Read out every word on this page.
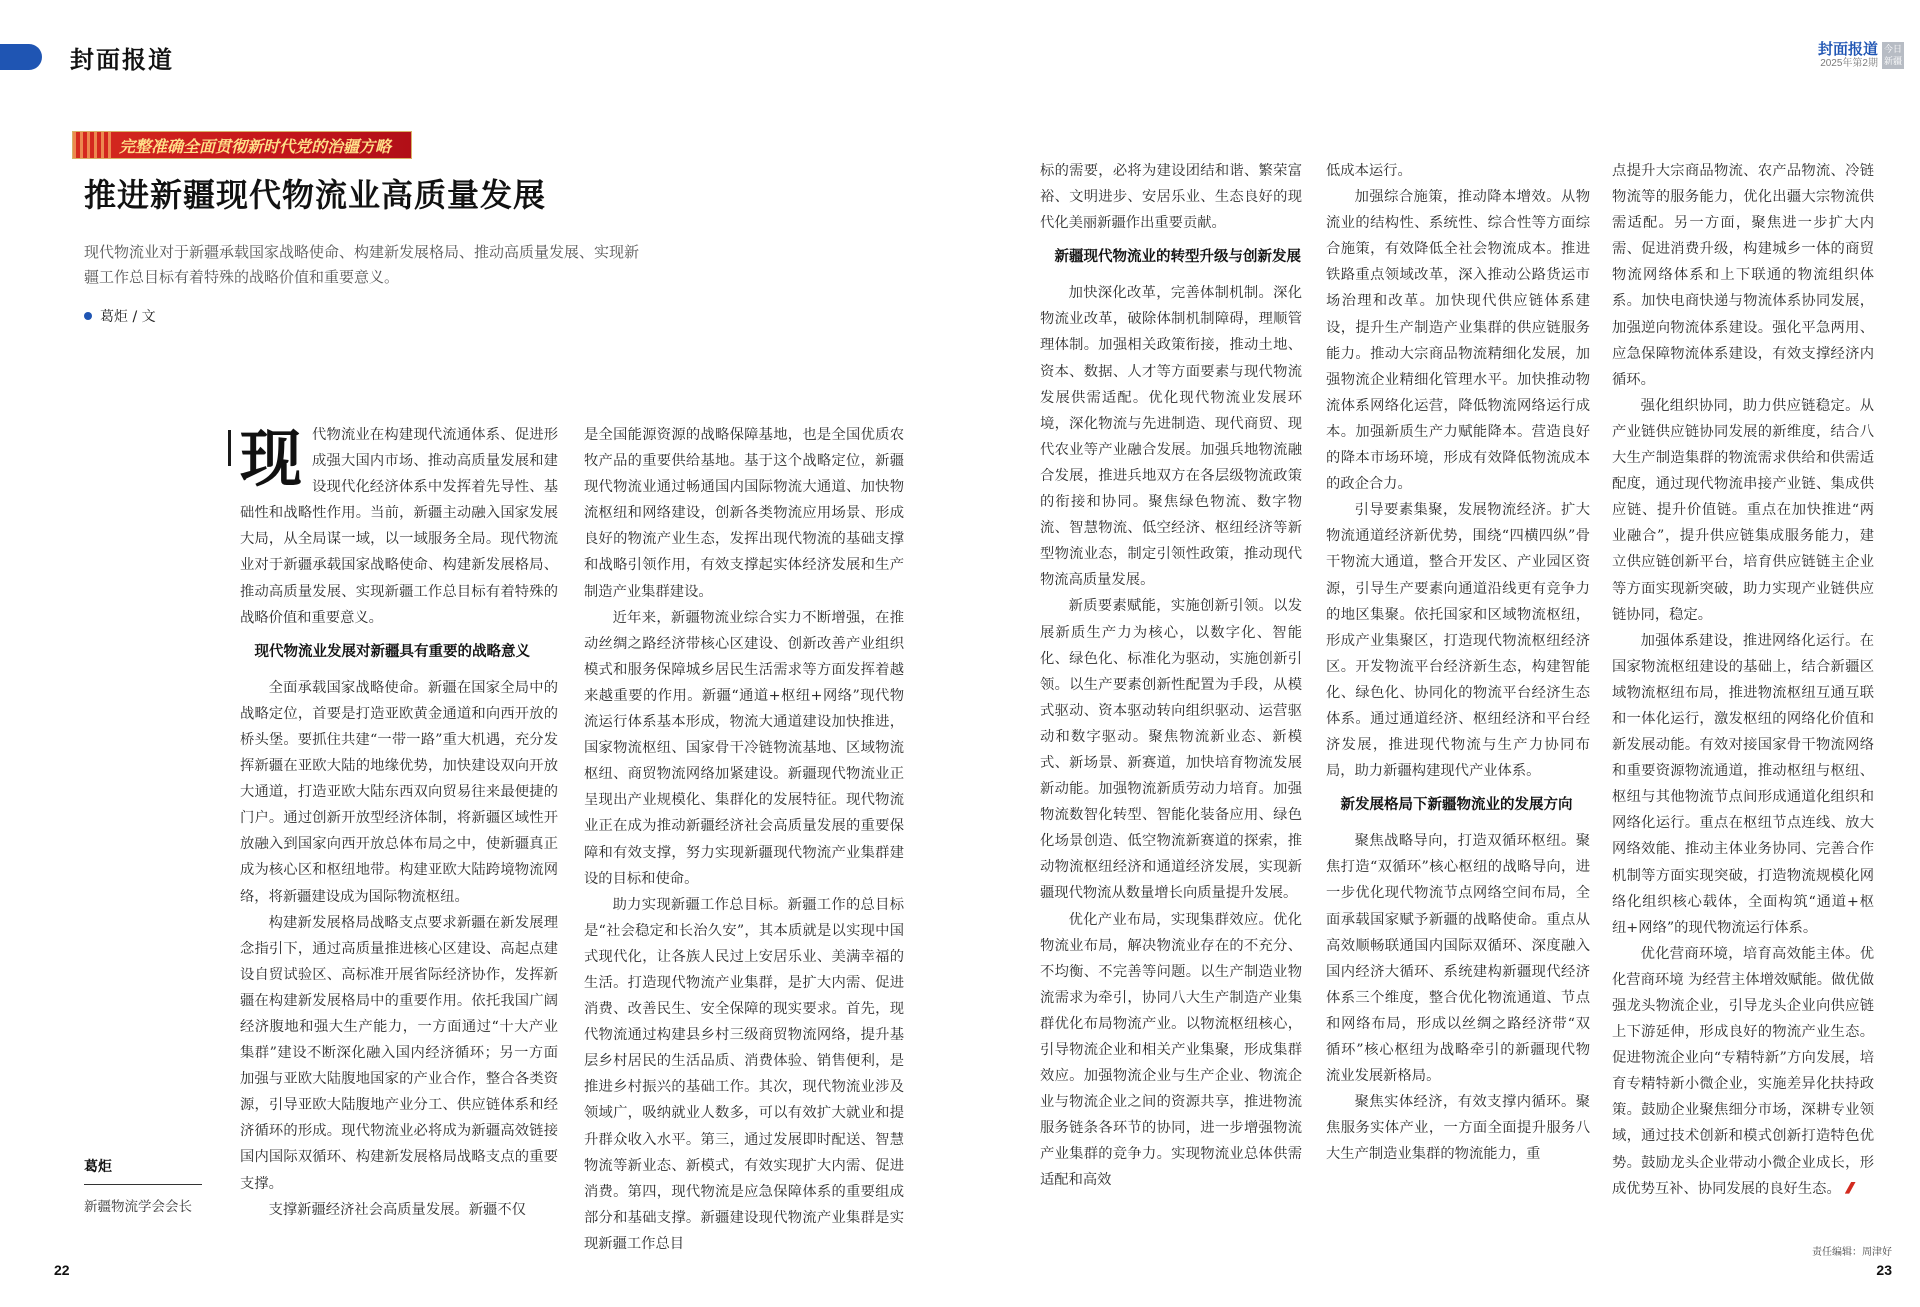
封面报道
完整准确全面贯彻新时代党的治疆方略
推进新疆现代物流业高质量发展
现代物流业对于新疆承载国家战略使命、构建新发展格局、推动高质量发展、实现新疆工作总目标有着特殊的战略价值和重要意义。
葛炬 / 文
现 代物流业在构建现代流通体系、促进形成强大国内市场、推动高质量发展和建设现代化经济体系中发挥着先导性、基础性和战略性作用。当前，新疆主动融入国家发展大局，从全局谋一域，以一域服务全局。现代物流业对于新疆承载国家战略使命、构建新发展格局、推动高质量发展、实现新疆工作总目标有着特殊的战略价值和重要意义。

现代物流业发展对新疆具有重要的战略意义

全面承载国家战略使命。新疆在国家全局中的战略定位，首要是打造亚欧黄金通道和向西开放的桥头堡。要抓住共建“一带一路”重大机遇，充分发挥新疆在亚欧大陆的地缘优势，加快建设双向开放大通道，打造亚欧大陆东西双向贸易往来最便捷的门户。通过创新开放型经济体制，将新疆区域性开放融入到国家向西开放总体布局之中，使新疆真正成为核心区和枢纽地带。构建亚欧大陆跨境物流网络，将新疆建设成为国际物流枢纽。

构建新发展格局战略支点要求新疆在新发展理念指引下，通过高质量推进核心区建设、高起点建设自贸试验区、高标准开展省际经济协作，发挥新疆在构建新发展格局中的重要作用。依托我国广阔经济腹地和强大生产能力，一方面通过“十大产业集群”建设不断深化融入国内经济循环；另一方面加强与亚欧大陆腹地国家的产业合作，整合各类资源，引导亚欧大陆腹地产业分工、供应链体系和经济循环的形成。现代物流业必将成为新疆高效链接国内国际双循环、构建新发展格局战略支点的重要支撑。

支撑新疆经济社会高质量发展。新疆不仅

是全国能源资源的战略保障基地，也是全国优质农牧产品的重要供给基地。基于这个战略定位，新疆现代物流业通过畅通国内国际物流大通道、加快物流枢纽和网络建设，创新各类物流应用场景、形成良好的物流产业生态，发挥出现代物流的基础支撑和战略引领作用，有效支撑起实体经济发展和生产制造产业集群建设。

近年来，新疆物流业综合实力不断增强，在推动丝绸之路经济带核心区建设、创新改善产业组织模式和服务保障城乡居民生活需求等方面发挥着越来越重要的作用。新疆“通道+枢纽+网络”现代物流运行体系基本形成，物流大通道建设加快推进，国家物流枢纽、国家骨干冷链物流基地、区域物流枢纽、商贸物流网络加紧建设。新疆现代物流业正呈现出产业规模化、集群化的发展特征。现代物流业正在成为推动新疆经济社会高质量发展的重要保障和有效支撑，努力实现新疆现代物流产业集群建设的目标和使命。

助力实现新疆工作总目标。新疆工作的总目标是“社会稳定和长治久安”，其本质就是以实现中国式现代化，让各族人民过上安居乐业、美满幸福的生活。打造现代物流产业集群，是扩大内需、促进消费、改善民生、安全保障的现实要求。首先，现代物流通过构建县乡村三级商贸物流网络，提升基层乡村居民的生活品质、消费体验、销售便利，是推进乡村振兴的基础工作。其次，现代物流业涉及领域广，吸纳就业人数多，可以有效扩大就业和提升群众收入水平。第三，通过发展即时配送、智慧物流等新业态、新模式，有效实现扩大内需、促进消费。第四，现代物流是应急保障体系的重要组成部分和基础支撑。新疆建设现代物流产业集群是实现新疆工作总目

葛炬
新疆物流学会会长
22
封面报道
2025年第2期
今日新疆

标的需要，必将为建设团结和谐、繁荣富裕、文明进步、安居乐业、生态良好的现代化美丽新疆作出重要贡献。

新疆现代物流业的转型升级与创新发展

加快深化改革，完善体制机制。深化物流业改革，破除体制机制障碍，理顺管理体制。加强相关政策衔接，推动土地、资本、数据、人才等方面要素与现代物流发展供需适配。优化现代物流业发展环境，深化物流与先进制造、现代商贸、现代农业等产业融合发展。加强兵地物流融合发展，推进兵地双方在各层级物流政策的衔接和协同。聚焦绿色物流、数字物流、智慧物流、低空经济、枢纽经济等新型物流业态，制定引领性政策，推动现代物流高质量发展。

新质要素赋能，实施创新引领。以发展新质生产力为核心，以数字化、智能化、绿色化、标准化为驱动，实施创新引领。以生产要素创新性配置为手段，从模式驱动、资本驱动转向组织驱动、运营驱动和数字驱动。聚焦物流新业态、新模式、新场景、新赛道，加快培育物流发展新动能。加强物流新质劳动力培育。加强物流数智化转型、智能化装备应用、绿色化场景创造、低空物流新赛道的探索，推动物流枢纽经济和通道经济发展，实现新疆现代物流从数量增长向质量提升发展。

优化产业布局，实现集群效应。优化物流业布局，解决物流业存在的不充分、不均衡、不完善等问题。以生产制造业物流需求为牵引，协同八大生产制造产业集群优化布局物流产业。以物流枢纽核心，引导物流企业和相关产业集聚，形成集群效应。加强物流企业与生产企业、物流企业与物流企业之间的资源共享，推进物流服务链条各环节的协同，进一步增强物流产业集群的竞争力。实现物流业总体供需适配和高效

低成本运行。

加强综合施策，推动降本增效。从物流业的结构性、系统性、综合性等方面综合施策，有效降低全社会物流成本。推进铁路重点领域改革，深入推动公路货运市场治理和改革。加快现代供应链体系建设，提升生产制造产业集群的供应链服务能力。推动大宗商品物流精细化发展，加强物流企业精细化管理水平。加快推动物流体系网络化运营，降低物流网络运行成本。加强新质生产力赋能降本。营造良好的降本市场环境，形成有效降低物流成本的政企合力。

引导要素集聚，发展物流经济。扩大物流通道经济新优势，围绕“四横四纵”骨干物流大通道，整合开发区、产业园区资源，引导生产要素向通道沿线更有竞争力的地区集聚。依托国家和区域物流枢纽，形成产业集聚区，打造现代物流枢纽经济区。开发物流平台经济新生态，构建智能化、绿色化、协同化的物流平台经济生态体系。通过通道经济、枢纽经济和平台经济发展，推进现代物流与生产力协同布局，助力新疆构建现代产业体系。

新发展格局下新疆物流业的发展方向

聚焦战略导向，打造双循环枢纽。聚焦打造“双循环”核心枢纽的战略导向，进一步优化现代物流节点网络空间布局，全面承载国家赋予新疆的战略使命。重点从高效顺畅联通国内国际双循环、深度融入国内经济大循环、系统建构新疆现代经济体系三个维度，整合优化物流通道、节点和网络布局，形成以丝绸之路经济带“双循环”核心枢纽为战略牵引的新疆现代物流业发展新格局。

聚焦实体经济，有效支撑内循环。聚焦服务实体产业，一方面全面提升服务八大生产制造业集群的物流能力，重

点提升大宗商品物流、农产品物流、冷链物流等的服务能力，优化出疆大宗物流供需适配。另一方面，聚焦进一步扩大内需、促进消费升级，构建城乡一体的商贸物流网络体系和上下联通的物流组织体系。加快电商快递与物流体系协同发展，加强逆向物流体系建设。强化平急两用、应急保障物流体系建设，有效支撑经济内循环。

强化组织协同，助力供应链稳定。从产业链供应链协同发展的新维度，结合八大生产制造集群的物流需求供给和供需适配度，通过现代物流串接产业链、集成供应链、提升价值链。重点在加快推进“两业融合”，提升供应链集成服务能力，建立供应链创新平台，培育供应链链主企业等方面实现新突破，助力实现产业链供应链协同，稳定。

加强体系建设，推进网络化运行。在国家物流枢纽建设的基础上，结合新疆区域物流枢纽布局，推进物流枢纽互通互联和一体化运行，激发枢纽的网络化价值和新发展动能。有效对接国家骨干物流网络和重要资源物流通道，推动枢纽与枢纽、枢纽与其他物流节点间形成通道化组织和网络化运行。重点在枢纽节点连线、放大网络效能、推动主体业务协同、完善合作机制等方面实现突破，打造物流规模化网络化组织核心载体，全面构筑“通道+枢纽+网络”的现代物流运行体系。

优化营商环境，培育高效能主体。优化营商环境 为经营主体增效赋能。做优做强龙头物流企业，引导龙头企业向供应链上下游延伸，形成良好的物流产业生态。促进物流企业向“专精特新”方向发展，培育专精特新小微企业，实施差异化扶持政策。鼓励企业聚焦细分市场，深耕专业领域，通过技术创新和模式创新打造特色优势。鼓励龙头企业带动小微企业成长，形成优势互补、协同发展的良好生态。

责任编辑：周津好
23
